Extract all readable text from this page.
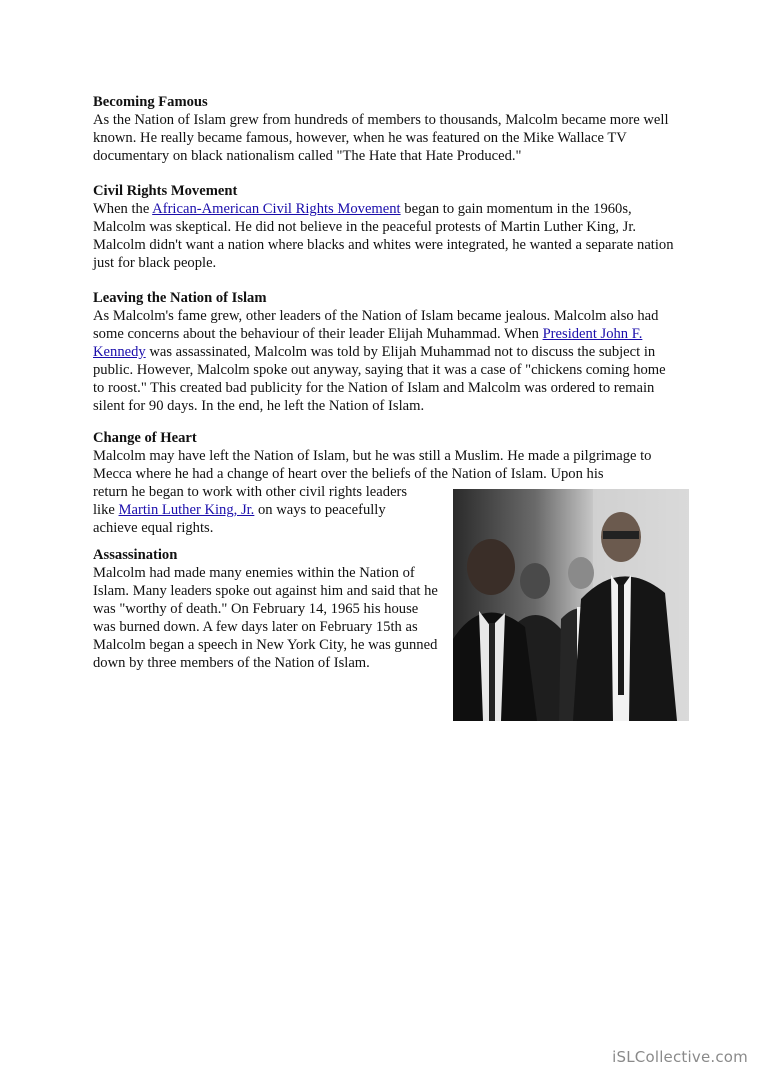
Becoming Famous

As the Nation of Islam grew from hundreds of members to thousands, Malcolm became more well known. He really became famous, however, when he was featured on the Mike Wallace TV documentary on black nationalism called "The Hate that Hate Produced."

Civil Rights Movement

When the African-American Civil Rights Movement began to gain momentum in the 1960s, Malcolm was skeptical. He did not believe in the peaceful protests of Martin Luther King, Jr. Malcolm didn't want a nation where blacks and whites were integrated, he wanted a separate nation just for black people.

Leaving the Nation of Islam

As Malcolm's fame grew, other leaders of the Nation of Islam became jealous. Malcolm also had some concerns about the behaviour of their leader Elijah Muhammad. When President John F. Kennedy was assassinated, Malcolm was told by Elijah Muhammad not to discuss the subject in public. However, Malcolm spoke out anyway, saying that it was a case of "chickens coming home to roost." This created bad publicity for the Nation of Islam and Malcolm was ordered to remain silent for 90 days. In the end, he left the Nation of Islam.

Change of Heart

Malcolm may have left the Nation of Islam, but he was still a Muslim. He made a pilgrimage to Mecca where he had a change of heart over the beliefs of the Nation of Islam. Upon his

return he began to work with other civil rights leaders

like Martin Luther King, Jr. on ways to peacefully

achieve equal rights.

Assassination

Malcolm had made many enemies within the Nation of Islam. Many leaders spoke out against him and said that he was "worthy of death." On February 14, 1965 his house was burned down. A few days later on February 15th as Malcolm began a speech in New York City, he was gunned down by three members of the Nation of Islam.

iSLCollective.com
